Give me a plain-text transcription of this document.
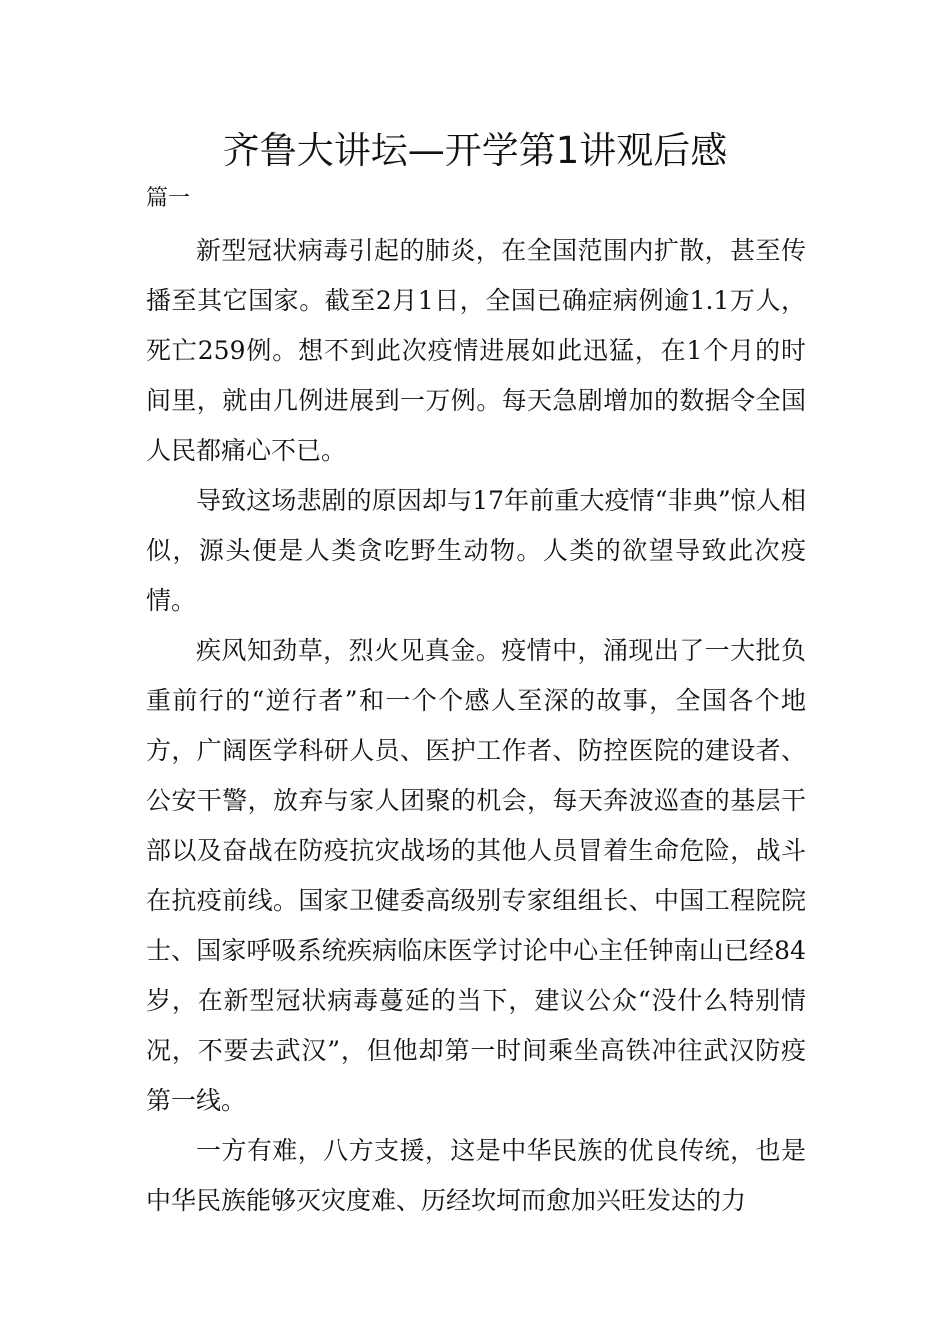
齐鲁大讲坛—开学第1讲观后感
篇一

新型冠状病毒引起的肺炎，在全国范围内扩散，甚至传播至其它国家。截至2月1日，全国已确症病例逾1.1万人，死亡259例。想不到此次疫情进展如此迅猛，在1个月的时间里，就由几例进展到一万例。每天急剧增加的数据令全国人民都痛心不已。

导致这场悲剧的原因却与17年前重大疫情“非典”惊人相似，源头便是人类贪吃野生动物。人类的欲望导致此次疫情。

疾风知劲草，烈火见真金。疫情中，涌现出了一大批负重前行的“逆行者”和一个个感人至深的故事，全国各个地方，广阔医学科研人员、医护工作者、防控医院的建设者、公安干警，放弃与家人团聚的机会，每天奔波巡查的基层干部以及奋战在防疫抗灾战场的其他人员冒着生命危险，战斗在抗疫前线。国家卫健委高级别专家组组长、中国工程院院士、国家呼吸系统疾病临床医学讨论中心主任钟南山已经84岁，在新型冠状病毒蔓延的当下，建议公众“没什么特别情况，不要去武汉”，但他却第一时间乘坐高铁冲往武汉防疫第一线。

一方有难，八方支援，这是中华民族的优良传统，也是中华民族能够灭灾度难、历经坎坷而愈加兴旺发达的力
